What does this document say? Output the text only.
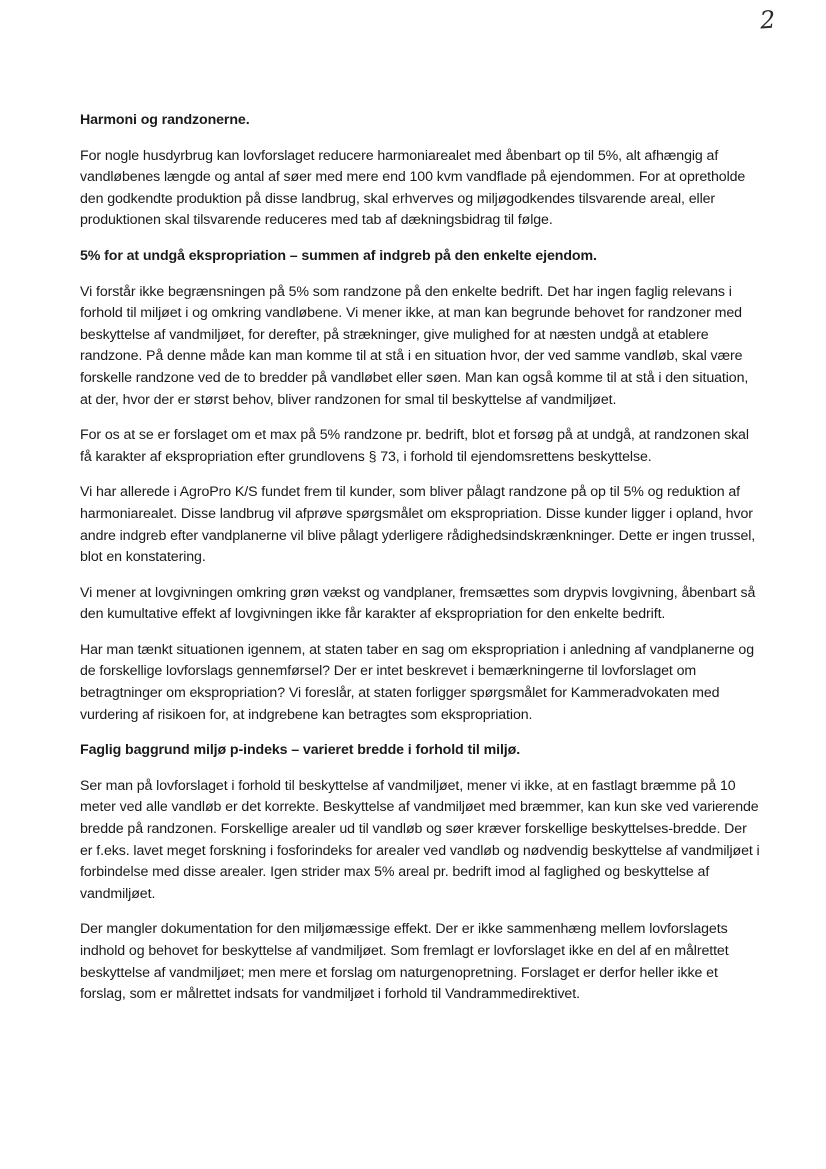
2

Harmoni og randzonerne.

For nogle husdyrbrug kan lovforslaget reducere harmoniarealet med åbenbart op til 5%, alt afhængig af vandløbenes længde og antal af søer med mere end 100 kvm vandflade på ejendommen. For at opretholde den godkendte produktion på disse landbrug, skal erhverves og miljøgodkendes tilsvarende areal, eller produktionen skal tilsvarende reduceres med tab af dækningsbidrag til følge.

5% for at undgå ekspropriation – summen af indgreb på den enkelte ejendom.

Vi forstår ikke begrænsningen på 5% som randzone på den enkelte bedrift. Det har ingen faglig relevans i forhold til miljøet i og omkring vandløbene. Vi mener ikke, at man kan begrunde behovet for randzoner med beskyttelse af vandmiljøet, for derefter, på strækninger, give mulighed for at næsten undgå at etablere randzone. På denne måde kan man komme til at stå i en situation hvor, der ved samme vandløb, skal være forskelle randzone ved de to bredder på vandløbet eller søen. Man kan også komme til at stå i den situation, at der, hvor der er størst behov, bliver randzonen for smal til beskyttelse af vandmiljøet.

For os at se er forslaget om et max på 5% randzone pr. bedrift, blot et forsøg på at undgå, at randzonen skal få karakter af ekspropriation efter grundlovens § 73, i forhold til ejendomsrettens beskyttelse.

Vi har allerede i AgroPro K/S fundet frem til kunder, som bliver pålagt randzone på op til 5% og reduktion af harmoniarealet. Disse landbrug vil afprøve spørgsmålet om ekspropriation. Disse kunder ligger i opland, hvor andre indgreb efter vandplanerne vil blive pålagt yderligere rådighedsindskrænkninger. Dette er ingen trussel, blot en konstatering.

Vi mener at lovgivningen omkring grøn vækst og vandplaner, fremsættes som drypvis lovgivning, åbenbart så den kumultative effekt af lovgivningen ikke får karakter af ekspropriation for den enkelte bedrift.

Har man tænkt situationen igennem, at staten taber en sag om ekspropriation i anledning af vandplanerne og de forskellige lovforslags gennemførsel? Der er intet beskrevet i bemærkningerne til lovforslaget om betragtninger om ekspropriation? Vi foreslår, at staten forligger spørgsmålet for Kammeradvokaten med vurdering af risikoen for, at indgrebene kan betragtes som ekspropriation.

Faglig baggrund miljø p-indeks – varieret bredde i forhold til miljø.

Ser man på lovforslaget i forhold til beskyttelse af vandmiljøet, mener vi ikke, at en fastlagt bræmme på 10 meter ved alle vandløb er det korrekte. Beskyttelse af vandmiljøet med bræmmer, kan kun ske ved varierende bredde på randzonen. Forskellige arealer ud til vandløb og søer kræver forskellige beskyttelses-bredde. Der er f.eks. lavet meget forskning i fosforindeks for arealer ved vandløb og nødvendig beskyttelse af vandmiljøet i forbindelse med disse arealer. Igen strider max 5% areal pr. bedrift imod al faglighed og beskyttelse af vandmiljøet.

Der mangler dokumentation for den miljømæssige effekt. Der er ikke sammenhæng mellem lovforslagets indhold og behovet for beskyttelse af vandmiljøet. Som fremlagt er lovforslaget ikke en del af en målrettet beskyttelse af vandmiljøet; men mere et forslag om naturgenopretning. Forslaget er derfor heller ikke et forslag, som er målrettet indsats for vandmiljøet i forhold til Vandrammedirektivet.
